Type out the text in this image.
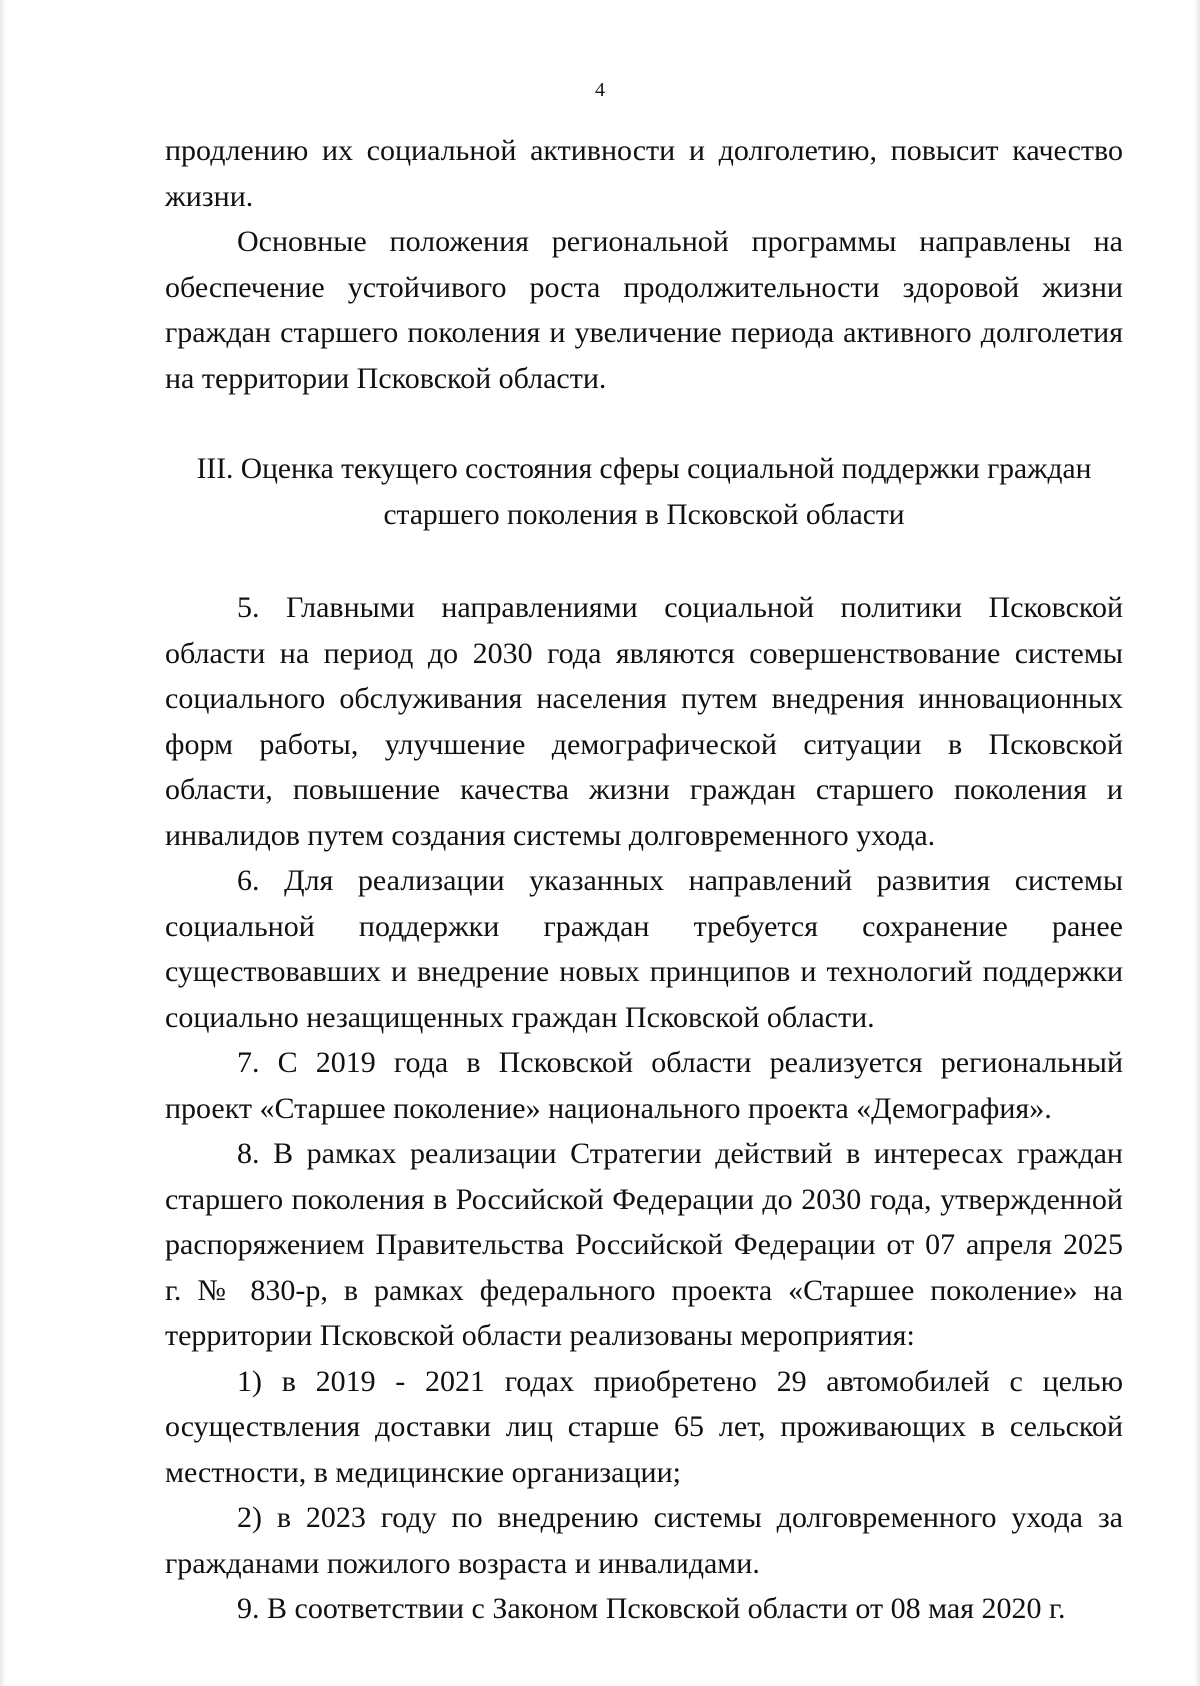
4

продлению их социальной активности и долголетию, повысит качество жизни.

Основные положения региональной программы направлены на обеспечение устойчивого роста продолжительности здоровой жизни граждан старшего поколения и увеличение периода активного долголетия на территории Псковской области.

III. Оценка текущего состояния сферы социальной поддержки граждан
старшего поколения в Псковской области

5. Главными направлениями социальной политики Псковской области на период до 2030 года являются совершенствование системы социального обслуживания населения путем внедрения инновационных форм работы, улучшение демографической ситуации в Псковской области, повышение качества жизни граждан старшего поколения и инвалидов путем создания системы долговременного ухода.

6. Для реализации указанных направлений развития системы социальной поддержки граждан требуется сохранение ранее существовавших и внедрение новых принципов и технологий поддержки социально незащищенных граждан Псковской области.

7. С 2019 года в Псковской области реализуется региональный проект «Старшее поколение» национального проекта «Демография».

8. В рамках реализации Стратегии действий в интересах граждан старшего поколения в Российской Федерации до 2030 года, утвержденной распоряжением Правительства Российской Федерации от 07 апреля 2025 г. № 830-р, в рамках федерального проекта «Старшее поколение» на территории Псковской области реализованы мероприятия:

1) в 2019 - 2021 годах приобретено 29 автомобилей с целью осуществления доставки лиц старше 65 лет, проживающих в сельской местности, в медицинские организации;

2) в 2023 году по внедрению системы долговременного ухода за гражданами пожилого возраста и инвалидами.

9. В соответствии с Законом Псковской области от 08 мая 2020 г.
